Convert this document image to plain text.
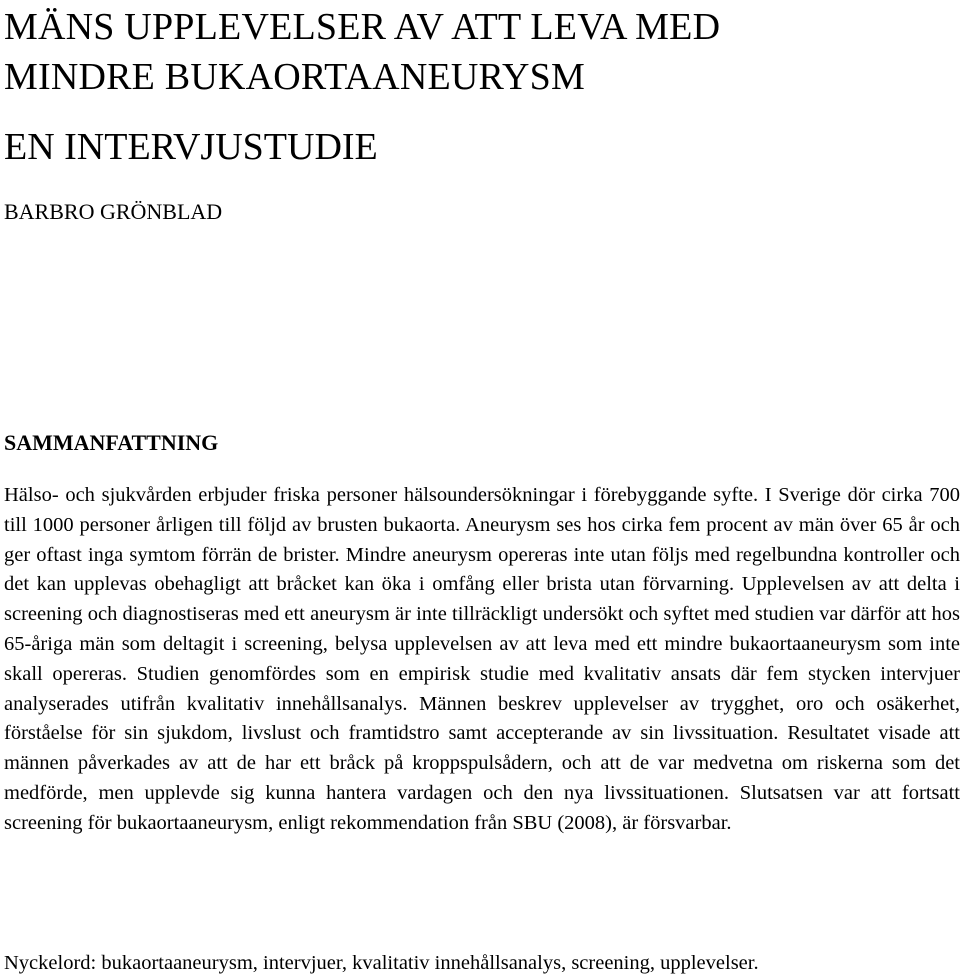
MÄNS UPPLEVELSER AV ATT LEVA MED
MINDRE BUKAORTAANEURYSM
EN INTERVJUSTUDIE

BARBRO GRÖNBLAD

SAMMANFATTNING

Hälso- och sjukvården erbjuder friska personer hälsoundersökningar i förebyggande syfte. I Sverige dör cirka 700 till 1000 personer årligen till följd av brusten bukaorta. Aneurysm ses hos cirka fem procent av män över 65 år och ger oftast inga symtom förrän de brister. Mindre aneurysm opereras inte utan följs med regelbundna kontroller och det kan upplevas obehagligt att bråcket kan öka i omfång eller brista utan förvarning. Upplevelsen av att delta i screening och diagnostiseras med ett aneurysm är inte tillräckligt undersökt och syftet med studien var därför att hos 65-åriga män som deltagit i screening, belysa upplevelsen av att leva med ett mindre bukaortaaneurysm som inte skall opereras. Studien genomfördes som en empirisk studie med kvalitativ ansats där fem stycken intervjuer analyserades utifrån kvalitativ innehållsanalys. Männen beskrev upplevelser av trygghet, oro och osäkerhet, förståelse för sin sjukdom, livslust och framtidstro samt accepterande av sin livssituation. Resultatet visade att männen påverkades av att de har ett bråck på kroppspulsådern, och att de var medvetna om riskerna som det medförde, men upplevde sig kunna hantera vardagen och den nya livssituationen. Slutsatsen var att fortsatt screening för bukaortaaneurysm, enligt rekommendation från SBU (2008), är försvarbar.

Nyckelord: bukaortaaneurysm, intervjuer, kvalitativ innehållsanalys, screening, upplevelser.
